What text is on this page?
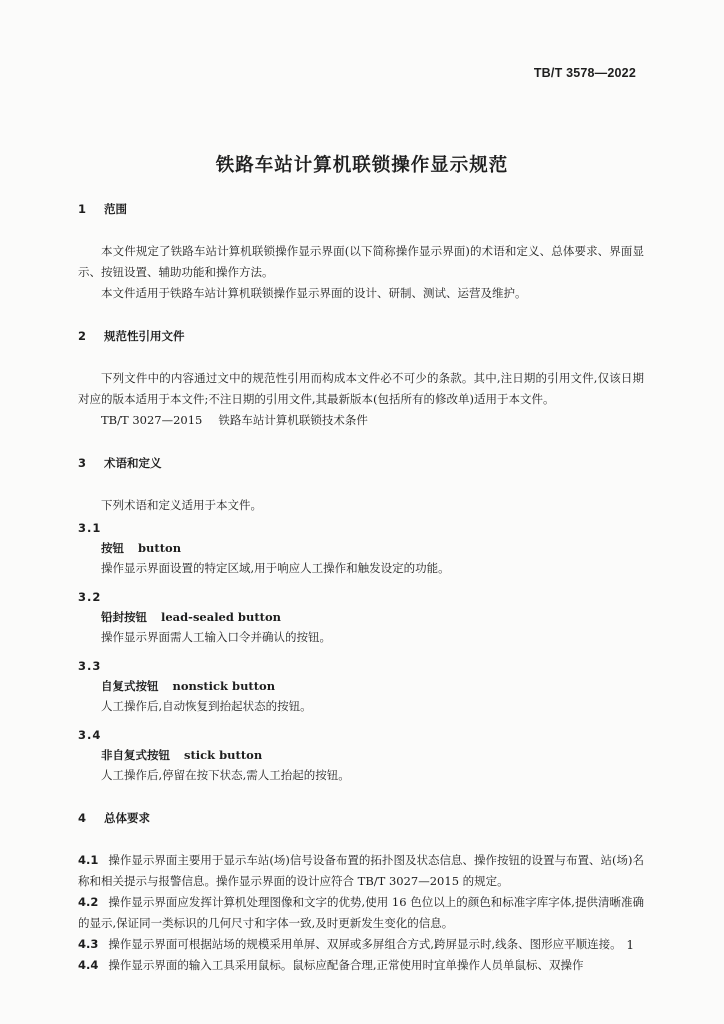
TB/T 3578—2022
铁路车站计算机联锁操作显示规范
1 范围

本文件规定了铁路车站计算机联锁操作显示界面(以下简称操作显示界面)的术语和定义、总体要求、界面显示、按钮设置、辅助功能和操作方法。

本文件适用于铁路车站计算机联锁操作显示界面的设计、研制、测试、运营及维护。

2 规范性引用文件

下列文件中的内容通过文中的规范性引用而构成本文件必不可少的条款。其中,注日期的引用文件,仅该日期对应的版本适用于本文件;不注日期的引用文件,其最新版本(包括所有的修改单)适用于本文件。

TB/T 3027—2015 铁路车站计算机联锁技术条件

3 术语和定义

下列术语和定义适用于本文件。

3.1

按钮 button

操作显示界面设置的特定区域,用于响应人工操作和触发设定的功能。

3.2

铅封按钮 lead-sealed button

操作显示界面需人工输入口令并确认的按钮。

3.3

自复式按钮 nonstick button

人工操作后,自动恢复到抬起状态的按钮。

3.4

非自复式按钮 stick button

人工操作后,停留在按下状态,需人工抬起的按钮。

4 总体要求

4.1 操作显示界面主要用于显示车站(场)信号设备布置的拓扑图及状态信息、操作按钮的设置与布置、站(场)名称和相关提示与报警信息。操作显示界面的设计应符合 TB/T 3027—2015 的规定。

4.2 操作显示界面应发挥计算机处理图像和文字的优势,使用 16 色位以上的颜色和标准字库字体,提供清晰准确的显示,保证同一类标识的几何尺寸和字体一致,及时更新发生变化的信息。

4.3 操作显示界面可根据站场的规模采用单屏、双屏或多屏组合方式,跨屏显示时,线条、图形应平顺连接。

4.4 操作显示界面的输入工具采用鼠标。鼠标应配备合理,正常使用时宜单操作人员单鼠标、双操作

1
